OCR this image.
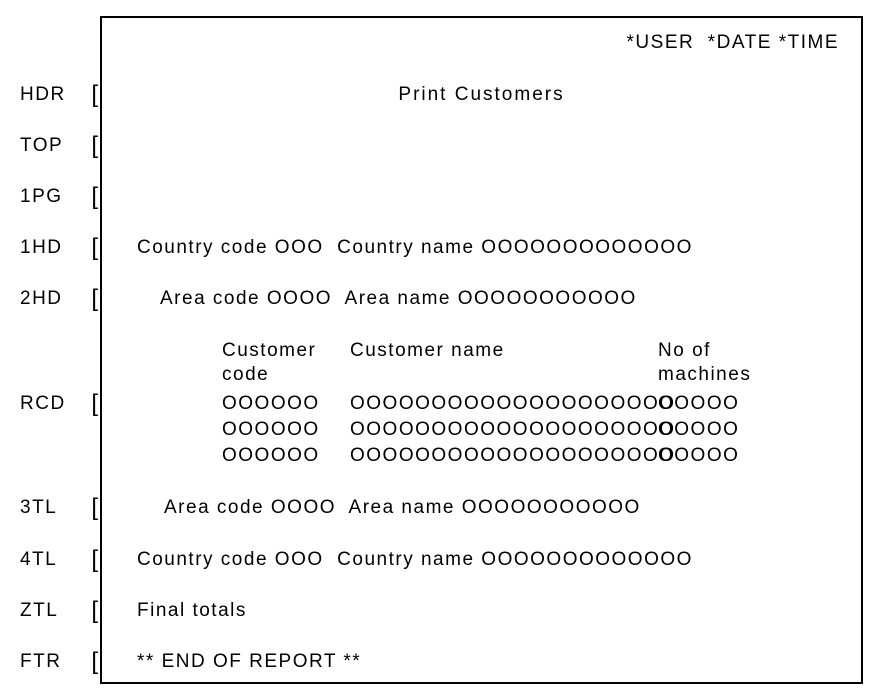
HDR [
TOP [
1PG [
1HD [
2HD [
RCD [
3TL [
4TL [
ZTL [
FTR [
*USER  *DATE *TIME
Print Customers
Country code OOO  Country name OOOOOOOOOOOOO
Area code OOOO  Area name OOOOOOOOOOO
Customer Customer name	No of
code	machines
OOOOOO OOOOOOOOOOOOOOOOOOOO
OOOOO
OOOOOO OOOOOOOOOOOOOOOOOOOO
OOOOO
OOOOOO OOOOOOOOOOOOOOOOOOOO
OOOOO
Area code OOOO  Area name OOOOOOOOOOO
Country code OOO  Country name OOOOOOOOOOOOO
Final totals
** END OF REPORT **
